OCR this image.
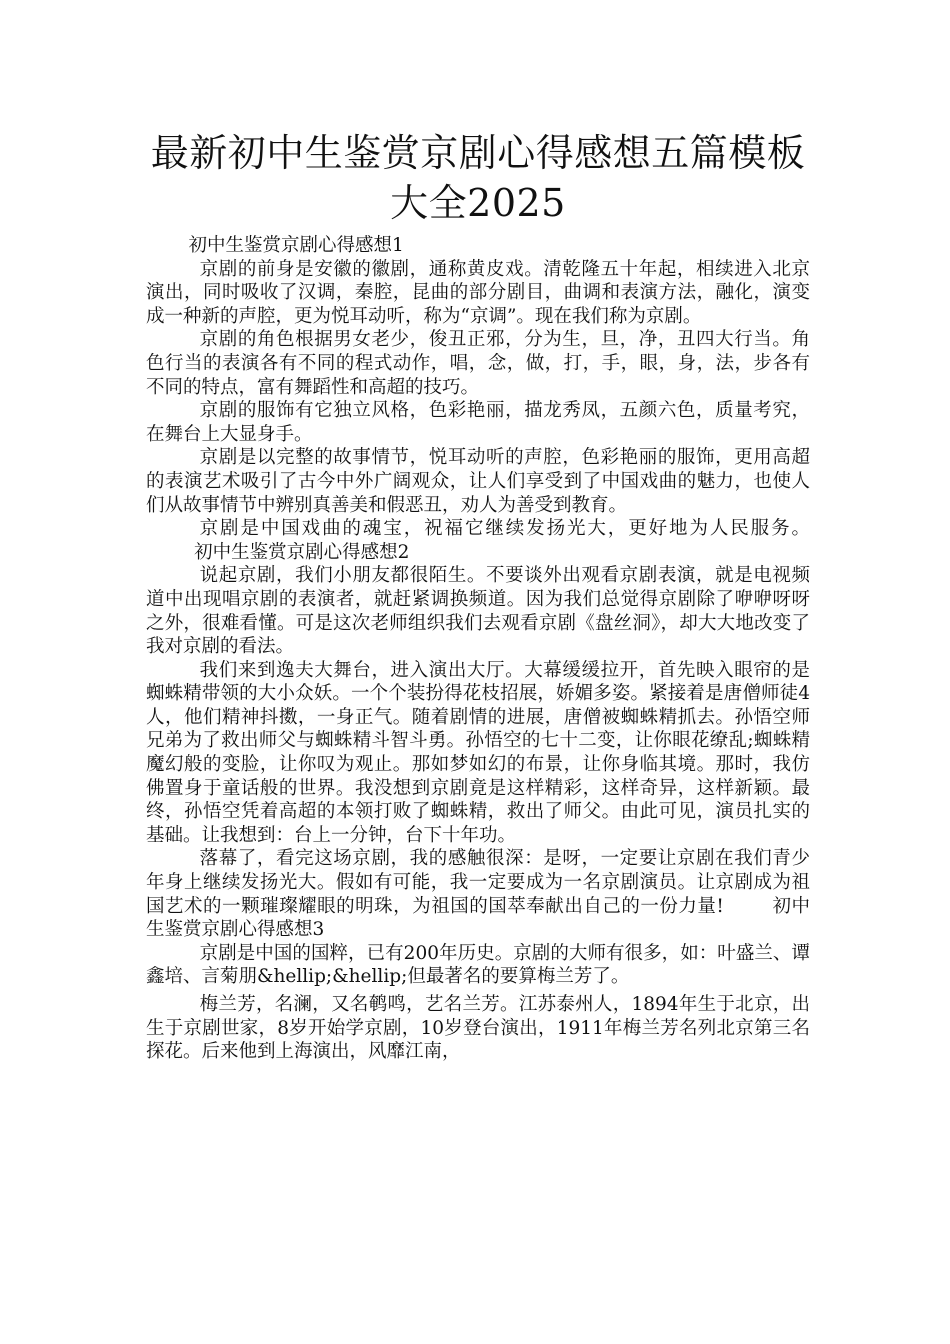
最新初中生鉴赏京剧心得感想五篇模板大全2025
初中生鉴赏京剧心得感想1

京剧的前身是安徽的徽剧，通称黄皮戏。清乾隆五十年起，相续进入北京演出，同时吸收了汉调，秦腔，昆曲的部分剧目，曲调和表演方法，融化，演变成一种新的声腔，更为悦耳动听，称为“京调”。现在我们称为京剧。

京剧的角色根据男女老少，俊丑正邪，分为生，旦，净，丑四大行当。角色行当的表演各有不同的程式动作，唱，念，做，打，手，眼，身，法，步各有不同的特点，富有舞蹈性和高超的技巧。

京剧的服饰有它独立风格，色彩艳丽，描龙秀凤，五颜六色，质量考究，在舞台上大显身手。

京剧是以完整的故事情节，悦耳动听的声腔，色彩艳丽的服饰，更用高超的表演艺术吸引了古今中外广阔观众，让人们享受到了中国戏曲的魅力，也使人们从故事情节中辨别真善美和假恶丑，劝人为善受到教育。

京剧是中国戏曲的魂宝，祝福它继续发扬光大，更好地为人民服务。初中生鉴赏京剧心得感想2

说起京剧，我们小朋友都很陌生。不要谈外出观看京剧表演，就是电视频道中出现唱京剧的表演者，就赶紧调换频道。因为我们总觉得京剧除了咿咿呀呀之外，很难看懂。可是这次老师组织我们去观看京剧《盘丝洞》，却大大地改变了我对京剧的看法。

我们来到逸夫大舞台，进入演出大厅。大幕缓缓拉开，首先映入眼帘的是蜘蛛精带领的大小众妖。一个个装扮得花枝招展，娇媚多姿。紧接着是唐僧师徒4人，他们精神抖擞，一身正气。随着剧情的进展，唐僧被蜘蛛精抓去。孙悟空师兄弟为了救出师父与蜘蛛精斗智斗勇。孙悟空的七十二变，让你眼花缭乱;蜘蛛精魔幻般的变脸，让你叹为观止。那如梦如幻的布景，让你身临其境。那时，我仿佛置身于童话般的世界。我没想到京剧竟是这样精彩，这样奇异，这样新颖。最终，孙悟空凭着高超的本领打败了蜘蛛精，救出了师父。由此可见，演员扎实的基础。让我想到：台上一分钟，台下十年功。

落幕了，看完这场京剧，我的感触很深：是呀，一定要让京剧在我们青少年身上继续发扬光大。假如有可能，我一定要成为一名京剧演员。让京剧成为祖国艺术的一颗璀璨耀眼的明珠，为祖国的国萃奉献出自己的一份力量!	初中生鉴赏京剧心得感想3

京剧是中国的国粹，已有200年历史。京剧的大师有很多，如：叶盛兰、谭鑫培、言菊朋&hellip;&hellip;但最著名的要算梅兰芳了。

梅兰芳，名澜，又名鹌鸣，艺名兰芳。江苏泰州人，1894年生于北京，出生于京剧世家，8岁开始学京剧，10岁登台演出，1911年梅兰芳名列北京第三名探花。后来他到上海演出，风靡江南，
